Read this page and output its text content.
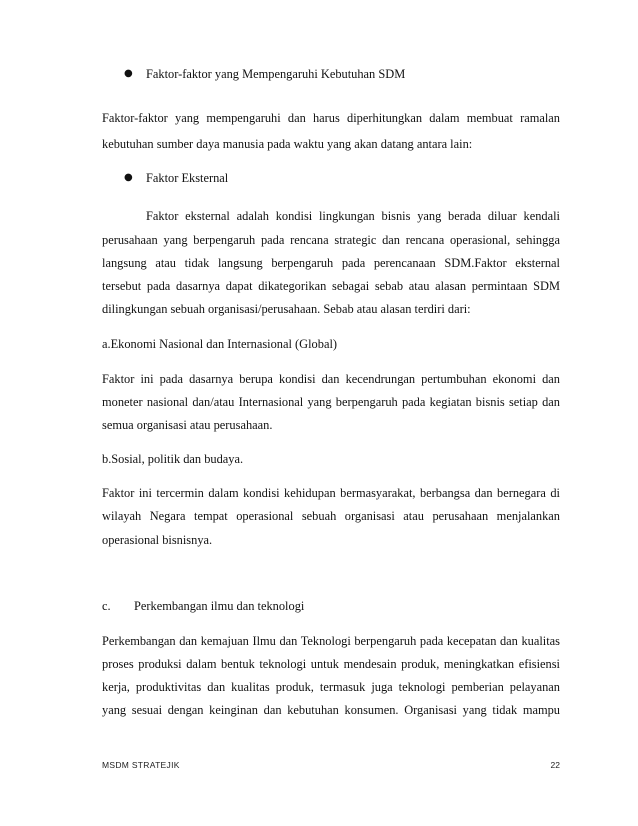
● Faktor-faktor yang Mempengaruhi Kebutuhan SDM
Faktor-faktor yang mempengaruhi dan harus diperhitungkan dalam membuat ramalan
kebutuhan sumber daya manusia pada waktu yang akan datang antara lain:
● Faktor Eksternal
Faktor eksternal adalah kondisi lingkungan bisnis yang berada diluar kendali
perusahaan yang berpengaruh pada rencana strategic dan rencana operasional, sehingga
langsung atau tidak langsung berpengaruh pada perencanaan SDM.Faktor eksternal
tersebut pada dasarnya dapat dikategorikan sebagai sebab atau alasan permintaan SDM
dilingkungan sebuah organisasi/perusahaan. Sebab atau alasan terdiri dari:
a.Ekonomi Nasional dan Internasional (Global)
Faktor ini pada dasarnya berupa kondisi dan kecendrungan pertumbuhan ekonomi dan
moneter nasional dan/atau Internasional yang berpengaruh pada kegiatan bisnis setiap dan
semua organisasi atau perusahaan.
b.Sosial, politik dan budaya.
Faktor ini tercermin dalam kondisi kehidupan bermasyarakat, berbangsa dan bernegara di
wilayah Negara tempat operasional sebuah organisasi atau perusahaan menjalankan
operasional bisnisnya.
c. Perkembangan ilmu dan teknologi
Perkembangan dan kemajuan Ilmu dan Teknologi berpengaruh pada kecepatan dan kualitas
proses produksi dalam bentuk teknologi untuk mendesain produk, meningkatkan efisiensi
kerja, produktivitas dan kualitas produk, termasuk juga teknologi pemberian pelayanan
yang sesuai dengan keinginan dan kebutuhan konsumen. Organisasi yang tidak mampu
MSDM STRATEJIK	22
